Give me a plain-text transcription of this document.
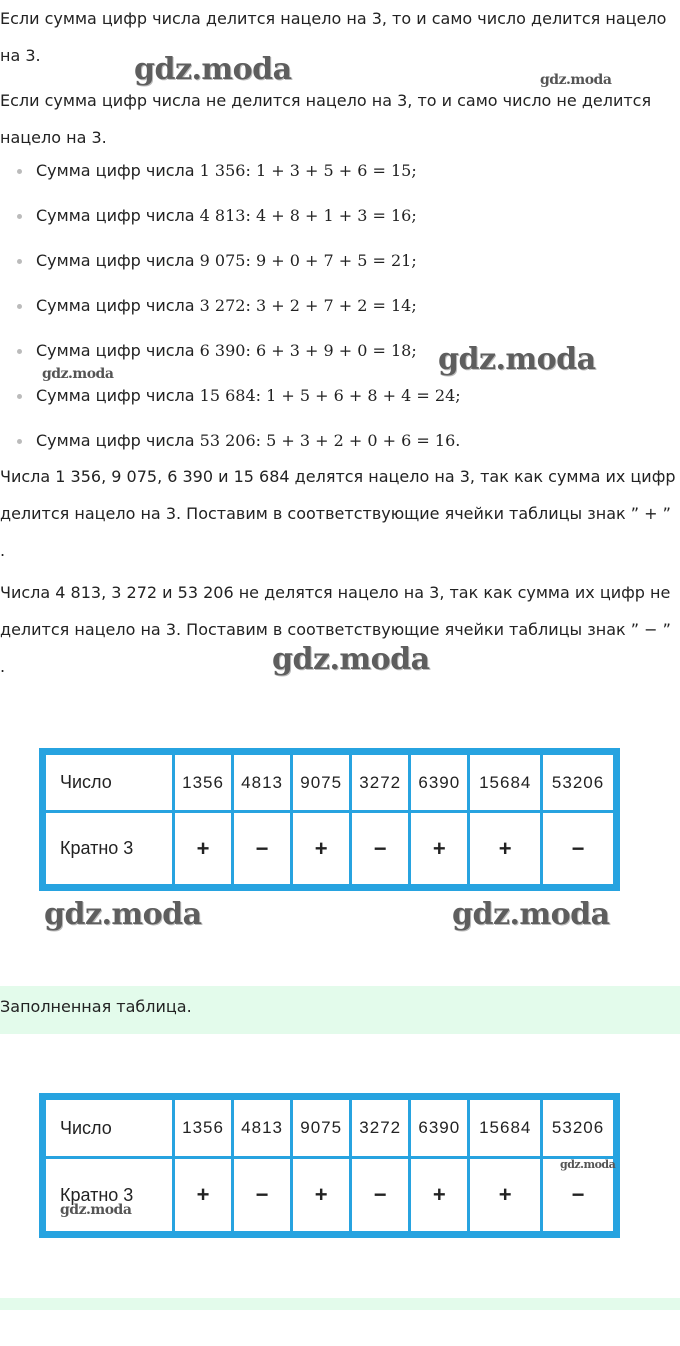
Если сумма цифр числа делится нацело на 3, то и само число делится нацело на 3.
Если сумма цифр числа не делится нацело на 3, то и само число не делится нацело на 3.
Сумма цифр числа 1 356: 1 + 3 + 5 + 6 = 15;
Сумма цифр числа 4 813: 4 + 8 + 1 + 3 = 16;
Сумма цифр числа 9 075: 9 + 0 + 7 + 5 = 21;
Сумма цифр числа 3 272: 3 + 2 + 7 + 2 = 14;
Сумма цифр числа 6 390: 6 + 3 + 9 + 0 = 18;
Сумма цифр числа 15 684: 1 + 5 + 6 + 8 + 4 = 24;
Сумма цифр числа 53 206: 5 + 3 + 2 + 0 + 6 = 16.
Числа 1 356, 9 075, 6 390 и 15 684 делятся нацело на 3, так как сумма их цифр делится нацело на 3. Поставим в соответствующие ячейки таблицы знак ” + ”
.
Числа 4 813, 3 272 и 53 206 не делятся нацело на 3, так как сумма их цифр не делится нацело на 3. Поставим в соответствующие ячейки таблицы знак ” − ”
.
Число	1356	4813	9075	3272	6390	15684	53206
Кратно 3	+	−	+	−	+	+	−
Заполненная таблица.
Число	1356	4813	9075	3272	6390	15684	53206
Кратно 3	+	−	+	−	+	+	−
gdz.moda	gdz.moda
gdz.moda
gdz.moda
gdz.moda
gdz.moda	gdz.moda
gdz.moda
gdz.moda
